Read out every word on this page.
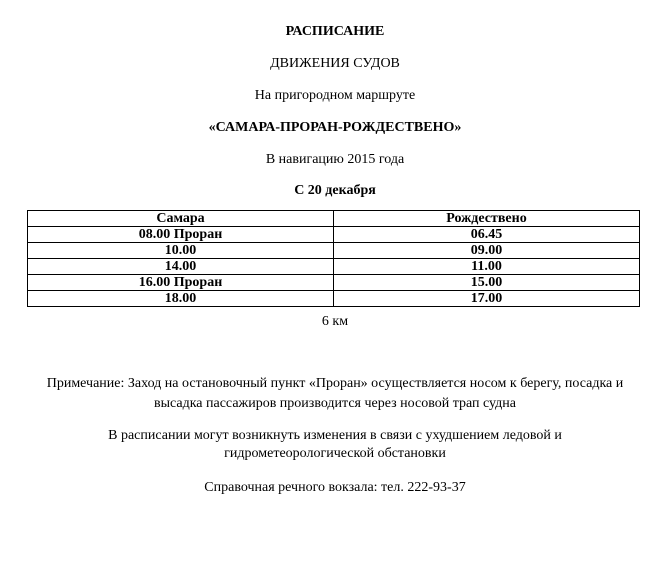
РАСПИСАНИЕ
ДВИЖЕНИЯ СУДОВ
На пригородном маршруте
«САМАРА-ПРОРАН-РОЖДЕСТВЕНО»
В навигацию 2015 года
С 20 декабря
Самара	Рождествено
08.00 Проран	06.45
10.00	09.00
14.00	11.00
16.00 Проран	15.00
18.00	17.00
6 км
Примечание: Заход на остановочный пункт «Проран» осуществляется носом к берегу, посадка и
высадка пассажиров производится через носовой трап судна
В расписании могут возникнуть изменения в связи с ухудшением ледовой и
гидрометеорологической обстановки
Справочная речного вокзала: тел. 222-93-37
